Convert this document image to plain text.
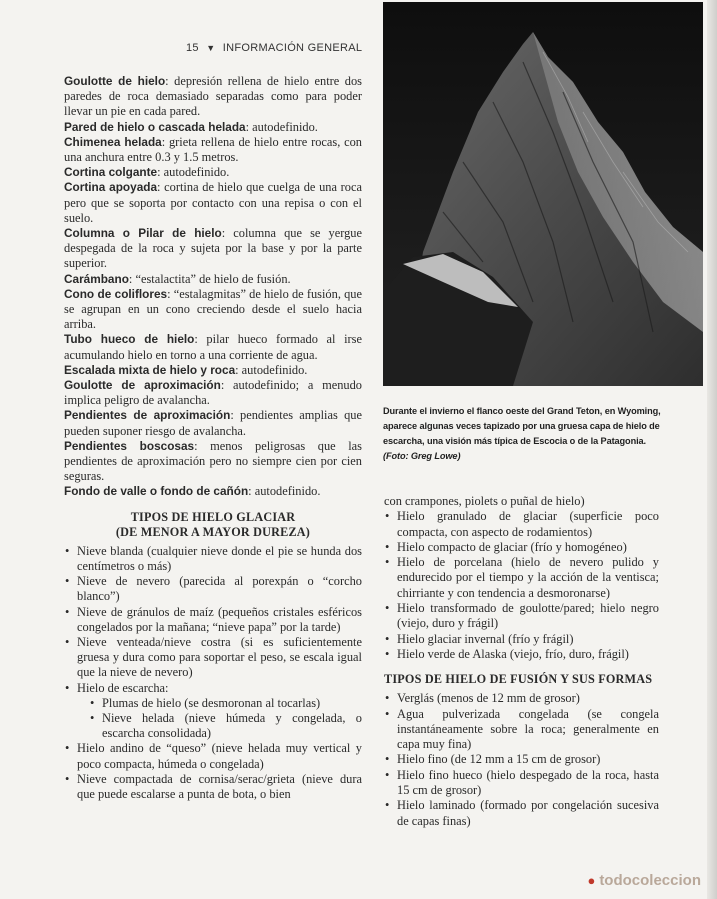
15 ▼ INFORMACIÓN GENERAL

Goulotte de hielo: depresión rellena de hielo entre dos paredes de roca demasiado separadas como para poder llevar un pie en cada pared.

Pared de hielo o cascada helada: autodefinido.

Chimenea helada: grieta rellena de hielo entre rocas, con una anchura entre 0.3 y 1.5 metros.

Cortina colgante: autodefinido.

Cortina apoyada: cortina de hielo que cuelga de una roca pero que se soporta por contacto con una repisa o con el suelo.

Columna o Pilar de hielo: columna que se yergue despegada de la roca y sujeta por la base y por la parte superior.

Carámbano: “estalactita” de hielo de fusión.

Cono de coliflores: “estalagmitas” de hielo de fusión, que se agrupan en un cono creciendo desde el suelo hacia arriba.

Tubo hueco de hielo: pilar hueco formado al irse acumulando hielo en torno a una corriente de agua.

Escalada mixta de hielo y roca: autodefinido.

Goulotte de aproximación: autodefinido; a menudo implica peligro de avalancha.

Pendientes de aproximación: pendientes amplias que pueden suponer riesgo de avalancha.

Pendientes boscosas: menos peligrosas que las pendientes de aproximación pero no siempre cien por cien seguras.

Fondo de valle o fondo de cañón: autodefinido.

TIPOS DE HIELO GLACIAR
(DE MENOR A MAYOR DUREZA)
• Nieve blanda (cualquier nieve donde el pie se hunda dos centímetros o más)
• Nieve de nevero (parecida al porexpán o “corcho blanco”)
• Nieve de gránulos de maíz (pequeños cristales esféricos congelados por la mañana; “nieve papa” por la tarde)
• Nieve venteada/nieve costra (si es suficientemente gruesa y dura como para soportar el peso, se escala igual que la nieve de nevero)
• Hielo de escarcha:
• Plumas de hielo (se desmoronan al tocarlas)
• Nieve helada (nieve húmeda y congelada, o escarcha consolidada)
• Hielo andino de “queso” (nieve helada muy vertical y poco compacta, húmeda o congelada)
• Nieve compactada de cornisa/serac/grieta (nieve dura que puede escalarse a punta de bota, o bien
Durante el invierno el flanco oeste del Grand Teton, en Wyoming, aparece algunas veces tapizado por una gruesa capa de hielo de escarcha, una visión más típica de Escocia o de la Patagonia.
(Foto: Greg Lowe)

con crampones, piolets o puñal de hielo)

• Hielo granulado de glaciar (superficie poco compacta, con aspecto de rodamientos)
• Hielo compacto de glaciar (frío y homogéneo)
• Hielo de porcelana (hielo de nevero pulido y endurecido por el tiempo y la acción de la ventisca; chirriante y con tendencia a desmoronarse)
• Hielo transformado de goulotte/pared; hielo negro (viejo, duro y frágil)
• Hielo glaciar invernal (frío y frágil)
• Hielo verde de Alaska (viejo, frío, duro, frágil)
TIPOS DE HIELO DE FUSIÓN Y SUS FORMAS
• Verglás (menos de 12 mm de grosor)
• Agua pulverizada congelada (se congela instantáneamente sobre la roca; generalmente en capa muy fina)
• Hielo fino (de 12 mm a 15 cm de grosor)
• Hielo fino hueco (hielo despegado de la roca, hasta 15 cm de grosor)
• Hielo laminado (formado por congelación sucesiva de capas finas)
● todocoleccion
